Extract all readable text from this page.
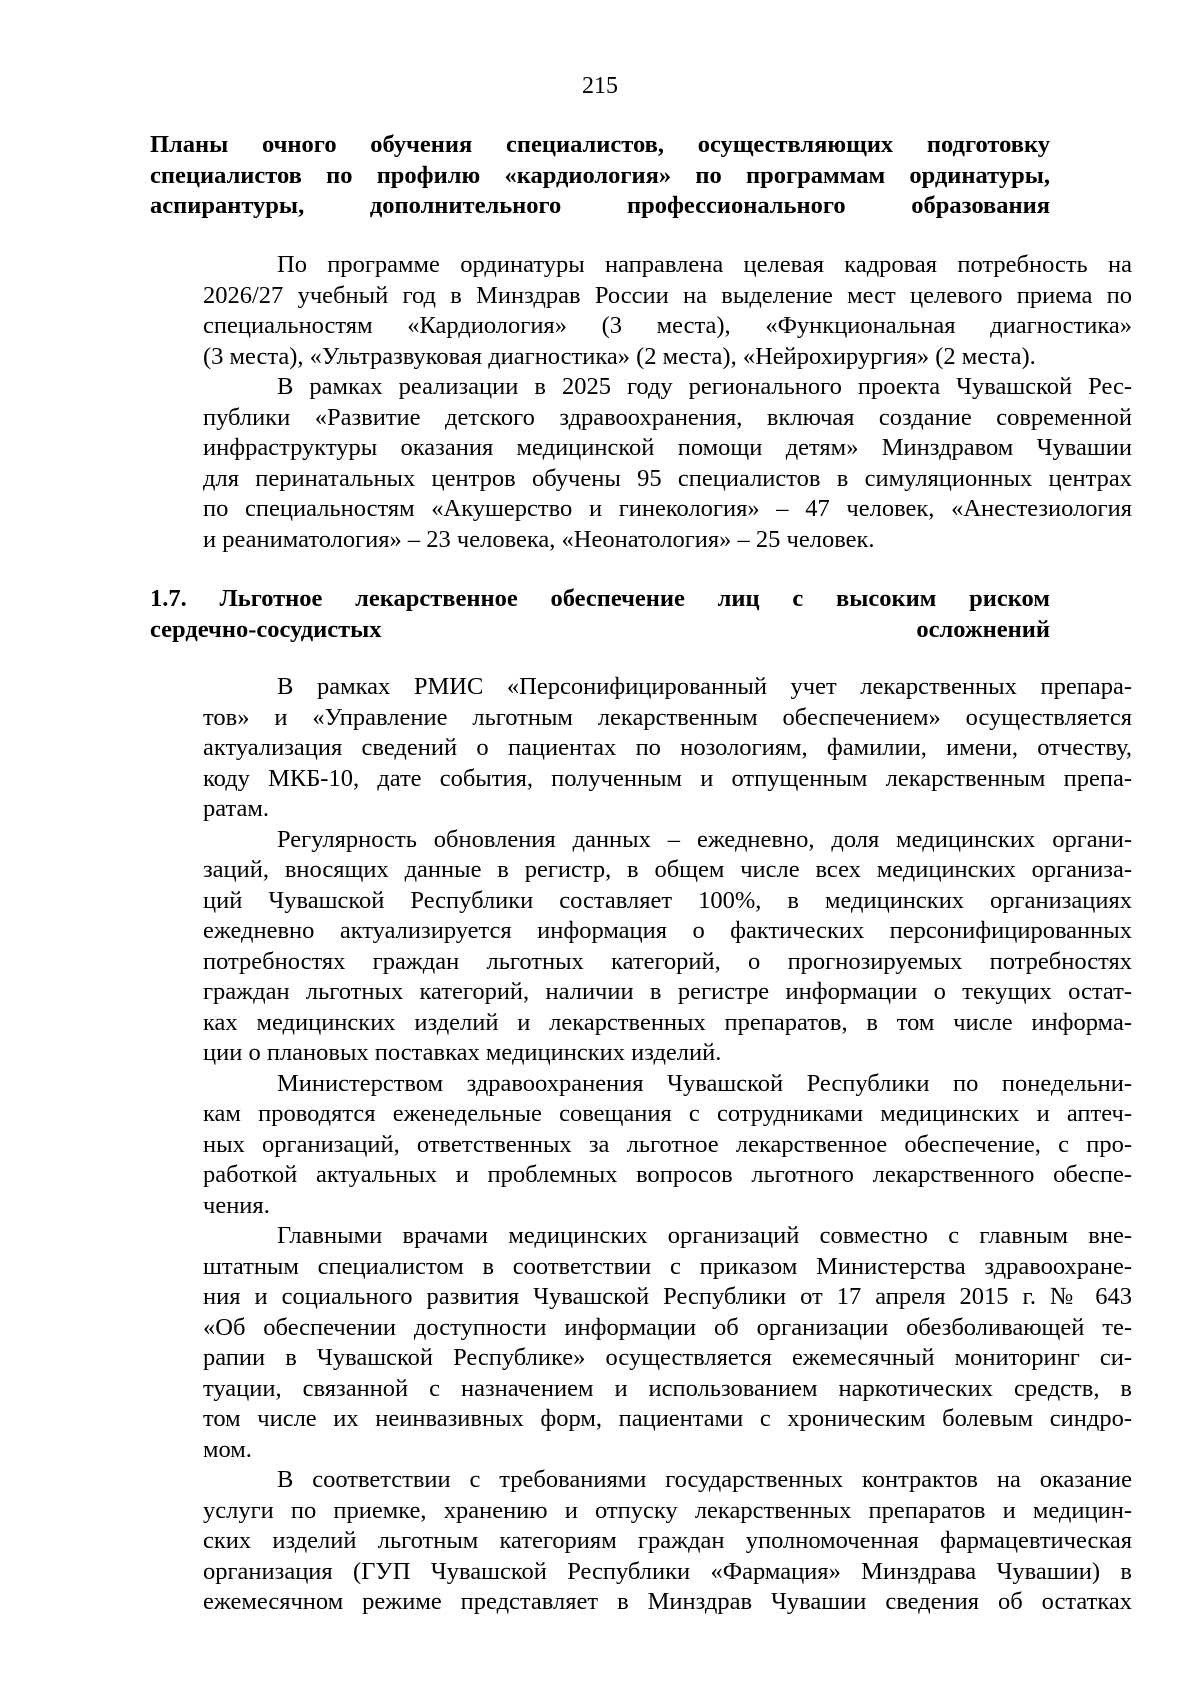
215
Планы очного обучения специалистов, осуществляющих подготовку
специалистов по профилю «кардиология» по программам ординатуры,
аспирантуры, дополнительного профессионального образования
По программе ординатуры направлена целевая кадровая потребность на
2026/27 учебный год в Минздрав России на выделение мест целевого приема по
специальностям «Кардиология» (3 места), «Функциональная диагностика»
(3 места), «Ультразвуковая диагностика» (2 места), «Нейрохирургия» (2 места).
В рамках реализации в 2025 году регионального проекта Чувашской Рес-
публики «Развитие детского здравоохранения, включая создание современной
инфраструктуры оказания медицинской помощи детям» Минздравом Чувашии
для перинатальных центров обучены 95 специалистов в симуляционных центрах
по специальностям «Акушерство и гинекология» – 47 человек, «Анестезиология
и реаниматология» – 23 человека, «Неонатология» – 25 человек.
1.7. Льготное лекарственное обеспечение лиц с высоким риском
сердечно-сосудистых осложнений
В рамках РМИС «Персонифицированный учет лекарственных препара-
тов» и «Управление льготным лекарственным обеспечением» осуществляется
актуализация сведений о пациентах по нозологиям, фамилии, имени, отчеству,
коду МКБ-10, дате события, полученным и отпущенным лекарственным препа-
ратам.
Регулярность обновления данных – ежедневно, доля медицинских органи-
заций, вносящих данные в регистр, в общем числе всех медицинских организа-
ций Чувашской Республики составляет 100%, в медицинских организациях
ежедневно актуализируется информация о фактических персонифицированных
потребностях граждан льготных категорий, о прогнозируемых потребностях
граждан льготных категорий, наличии в регистре информации о текущих остат-
ках медицинских изделий и лекарственных препаратов, в том числе информа-
ции о плановых поставках медицинских изделий.
Министерством здравоохранения Чувашской Республики по понедельни-
кам проводятся еженедельные совещания с сотрудниками медицинских и аптеч-
ных организаций, ответственных за льготное лекарственное обеспечение, с про-
работкой актуальных и проблемных вопросов льготного лекарственного обеспе-
чения.
Главными врачами медицинских организаций совместно с главным вне-
штатным специалистом в соответствии с приказом Министерства здравоохране-
ния и социального развития Чувашской Республики от 17 апреля 2015 г. № 643
«Об обеспечении доступности информации об организации обезболивающей те-
рапии в Чувашской Республике» осуществляется ежемесячный мониторинг си-
туации, связанной с назначением и использованием наркотических средств, в
том числе их неинвазивных форм, пациентами с хроническим болевым синдро-
мом.
В соответствии с требованиями государственных контрактов на оказание
услуги по приемке, хранению и отпуску лекарственных препаратов и медицин-
ских изделий льготным категориям граждан уполномоченная фармацевтическая
организация (ГУП Чувашской Республики «Фармация» Минздрава Чувашии) в
ежемесячном режиме представляет в Минздрав Чувашии сведения об остатках
